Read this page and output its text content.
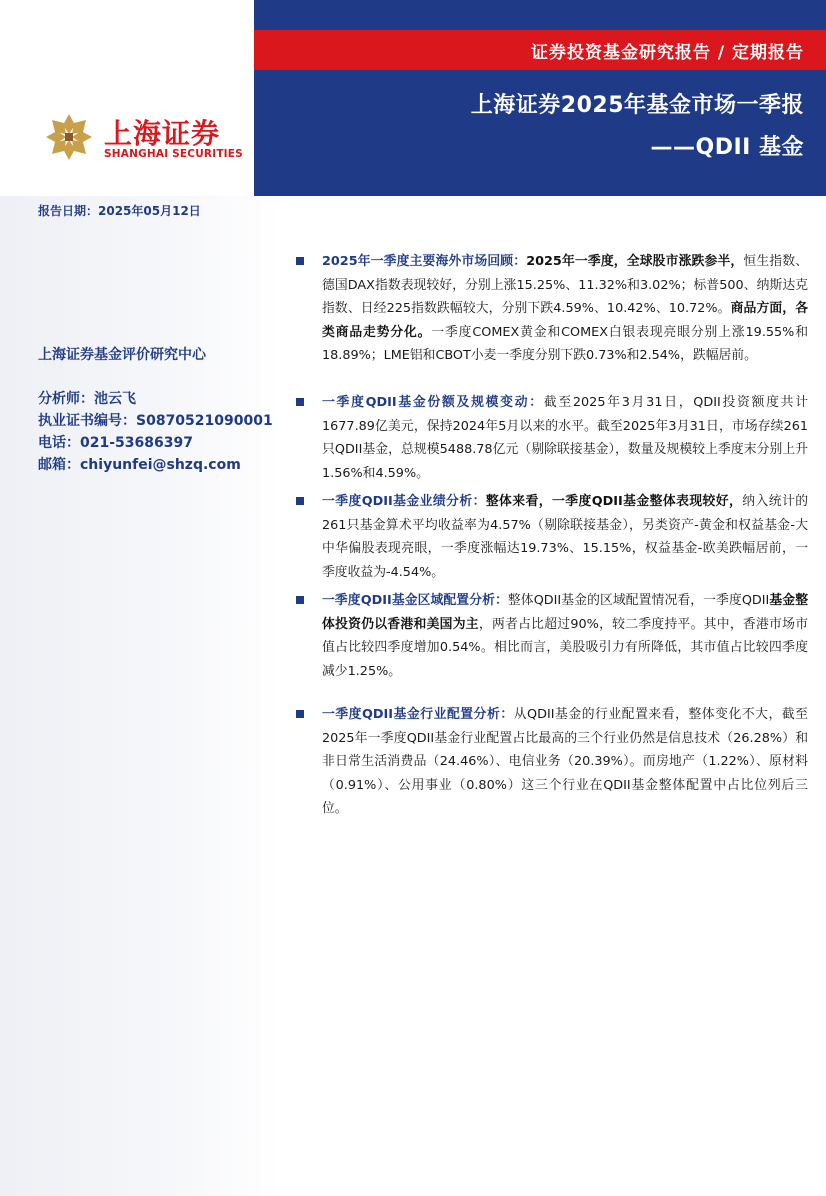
证券投资基金研究报告 / 定期报告
上海证券2025年基金市场一季报
——QDII 基金
上海证券
SHANGHAI SECURITIES
报告日期：2025年05月12日
上海证券基金评价研究中心
分析师：池云飞
执业证书编号：S0870521090001
电话：021-53686397
邮箱：chiyunfei@shzq.com

2025年一季度主要海外市场回顾：2025年一季度，全球股市涨跌参半，恒生指数、德国DAX指数表现较好，分别上涨15.25%、11.32%和3.02%；标普500、纳斯达克指数、日经225指数跌幅较大，分别下跌4.59%、10.42%、10.72%。商品方面，各类商品走势分化。一季度COMEX黄金和COMEX白银表现亮眼分别上涨19.55%和18.89%；LME铝和CBOT小麦一季度分别下跌0.73%和2.54%，跌幅居前。

一季度QDII基金份额及规模变动：截至2025年3月31日，QDII投资额度共计1677.89亿美元，保持2024年5月以来的水平。截至2025年3月31日，市场存续261只QDII基金，总规模5488.78亿元（剔除联接基金），数量及规模较上季度末分别上升1.56%和4.59%。

一季度QDII基金业绩分析：整体来看，一季度QDII基金整体表现较好，纳入统计的261只基金算术平均收益率为4.57%（剔除联接基金），另类资产-黄金和权益基金-大中华偏股表现亮眼，一季度涨幅达19.73%、15.15%，权益基金-欧美跌幅居前，一季度收益为-4.54%。

一季度QDII基金区域配置分析：整体QDII基金的区域配置情况看，一季度QDII基金整体投资仍以香港和美国为主，两者占比超过90%，较二季度持平。其中，香港市场市值占比较四季度增加0.54%。相比而言，美股吸引力有所降低，其市值占比较四季度减少1.25%。

一季度QDII基金行业配置分析：从QDII基金的行业配置来看，整体变化不大，截至2025年一季度QDII基金行业配置占比最高的三个行业仍然是信息技术（26.28%）和非日常生活消费品（24.46%）、电信业务（20.39%）。而房地产（1.22%）、原材料（0.91%）、公用事业（0.80%）这三个行业在QDII基金整体配置中占比位列后三位。
